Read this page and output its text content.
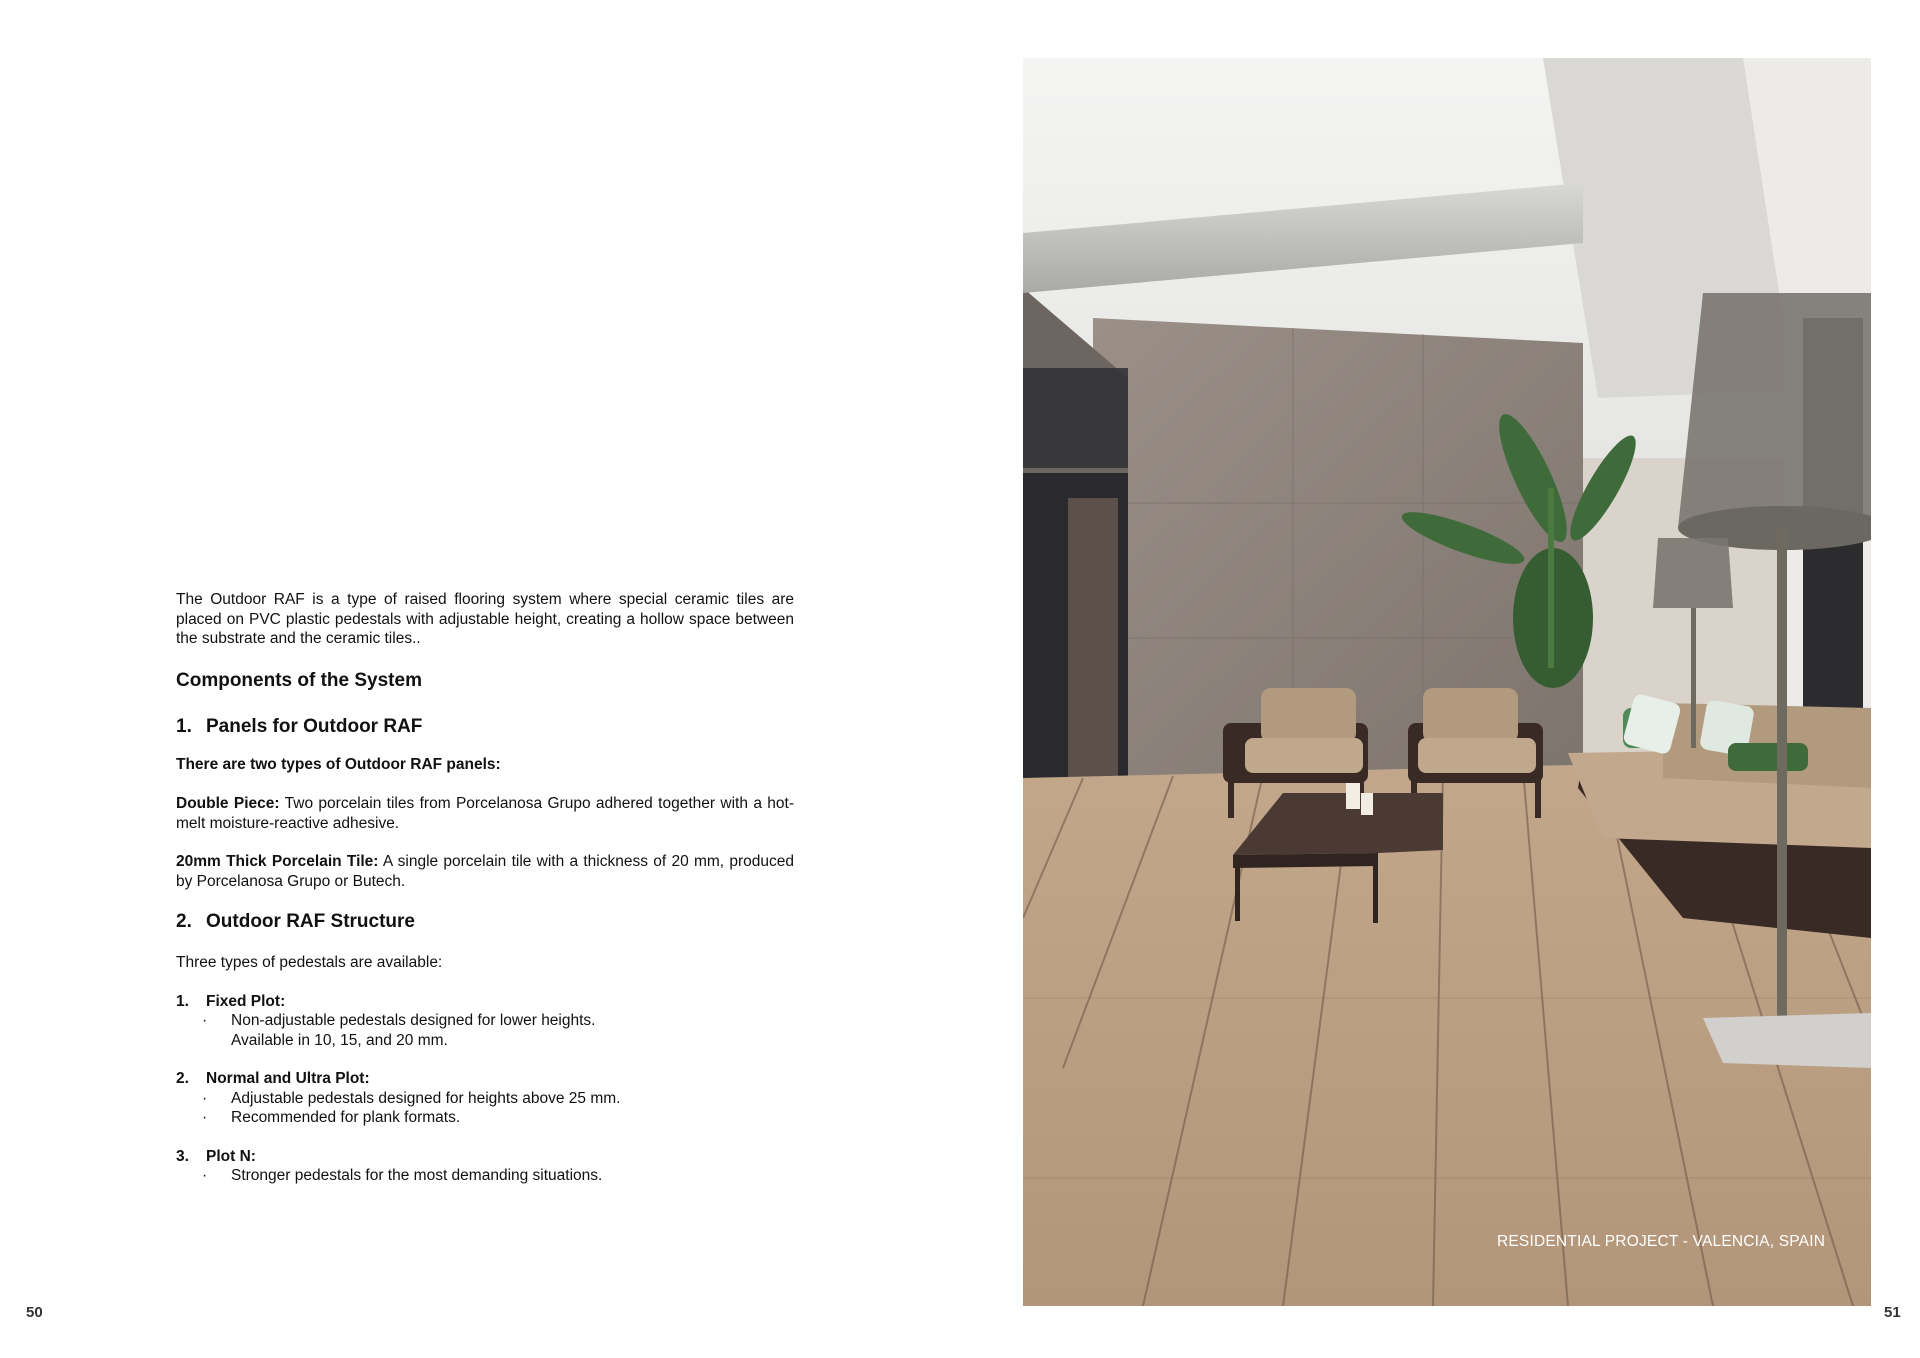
The Outdoor RAF is a type of raised flooring system where special ceramic tiles are placed on PVC plastic pedestals with adjustable height, creating a hollow space between the substrate and the ceramic tiles..

Components of the System
1. Panels for Outdoor RAF

There are two types of Outdoor RAF panels:

Double Piece: Two porcelain tiles from Porcelanosa Grupo adhered together with a hot-melt moisture-reactive adhesive.

20mm Thick Porcelain Tile: A single porcelain tile with a thickness of 20 mm, produced by Porcelanosa Grupo or Butech.

2. Outdoor RAF Structure

Three types of pedestals are available:

1.	Fixed Plot:
·	Non-adjustable pedestals designed for lower heights.
Available in 10, 15, and 20 mm.
2.	Normal and Ultra Plot:
·	Adjustable pedestals designed for heights above 25 mm.
·	Recommended for plank formats.
3.	Plot N:
·	Stronger pedestals for the most demanding situations.
50	51
RESIDENTIAL PROJECT - VALENCIA, SPAIN
